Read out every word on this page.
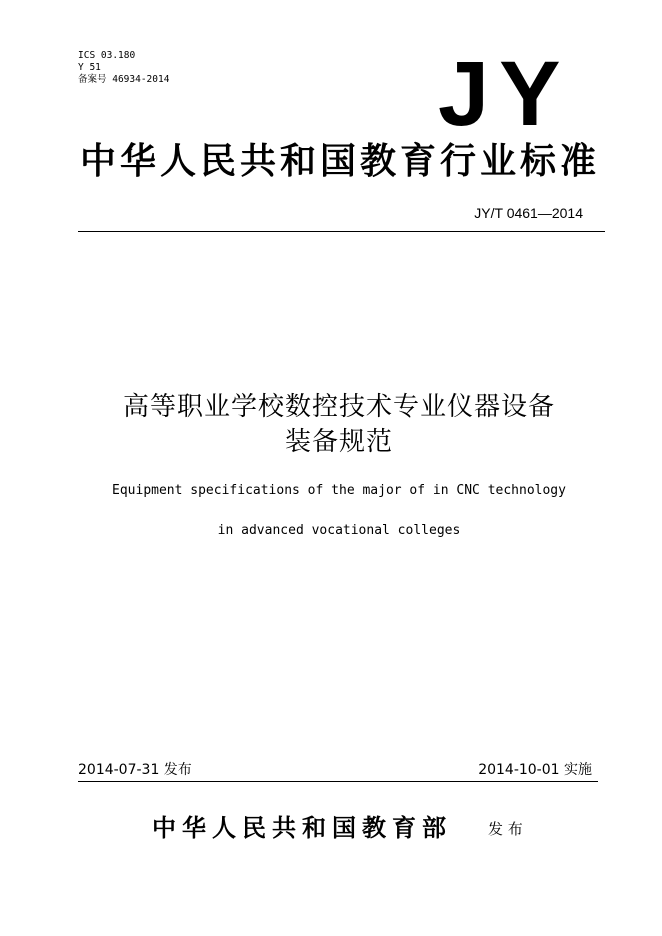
ICS 03.180
Y 51
备案号 46934-2014	JY
中华人民共和国教育行业标准
JY/T 0461—2014
高等职业学校数控技术专业仪器设备
装备规范
Equipment specifications of the major of in CNC technology
in advanced vocational colleges
2014-07-31 发布	2014-10-01 实施
中华人民共和国教育部 发 布
